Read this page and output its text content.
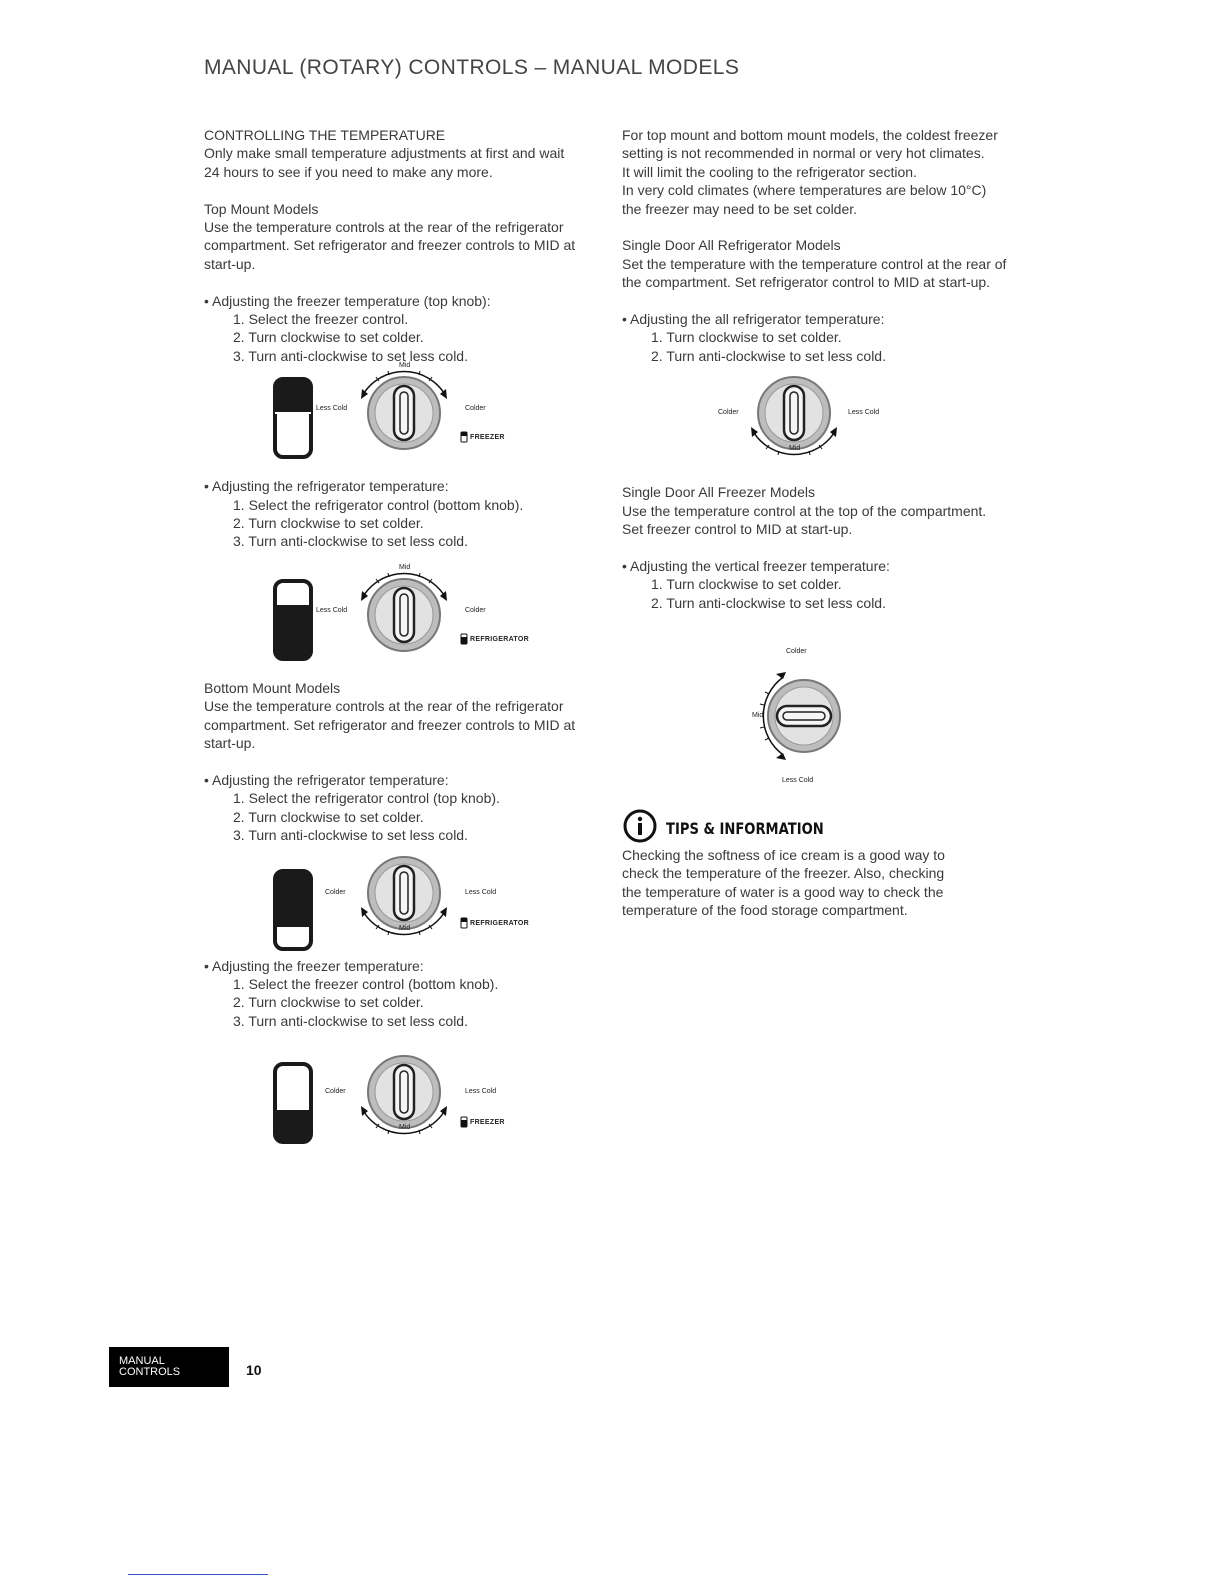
MANUAL (ROTARY) CONTROLS – MANUAL MODELS

CONTROLLING THE TEMPERATURE

Only make small temperature adjustments at first and wait

24 hours to see if you need to make any more.

Top Mount Models

Use the temperature controls at the rear of the refrigerator

compartment. Set refrigerator and freezer controls to MID at

start-up.

• Adjusting the freezer temperature (top knob):

1. Select the freezer control.

2. Turn clockwise to set colder.

3. Turn anti-clockwise to set less cold.

Less Cold	Colder
Mid
FREEZER

• Adjusting the refrigerator temperature:

1. Select the refrigerator control (bottom knob).

2. Turn clockwise to set colder.

3. Turn anti-clockwise to set less cold.

Less Cold	Colder
Mid
REFRIGERATOR

Bottom Mount Models

Use the temperature controls at the rear of the refrigerator

compartment. Set refrigerator and freezer controls to MID at

start-up.

• Adjusting the refrigerator temperature:

1. Select the refrigerator control (top knob).

2. Turn clockwise to set colder.

3. Turn anti-clockwise to set less cold.

Colder	Less Cold
Mid
REFRIGERATOR

• Adjusting the freezer temperature:

1. Select the freezer control (bottom knob).

2. Turn clockwise to set colder.

3. Turn anti-clockwise to set less cold.

Colder	Less Cold
Mid
FREEZER

For top mount and bottom mount models, the coldest freezer

setting is not recommended in normal or very hot climates.

It will limit the cooling to the refrigerator section.

In very cold climates (where temperatures are below 10°C)

the freezer may need to be set colder.

Single Door All Refrigerator Models

Set the temperature with the temperature control at the rear of

the compartment. Set refrigerator control to MID at start-up.

• Adjusting the all refrigerator temperature:

1. Turn clockwise to set colder.

2. Turn anti-clockwise to set less cold.

Colder	Less Cold
Mid

Single Door All Freezer Models

Use the temperature control at the top of the compartment.

Set freezer control to MID at start-up.

• Adjusting the vertical freezer temperature:

1. Turn clockwise to set colder.

2. Turn anti-clockwise to set less cold.

Colder
Mid
Less Cold
TIPS & INFORMATION

Checking the softness of ice cream is a good way to

check the temperature of the freezer. Also, checking

the temperature of water is a good way to check the

temperature of the food storage compartment.

MANUAL
CONTROLS	10
